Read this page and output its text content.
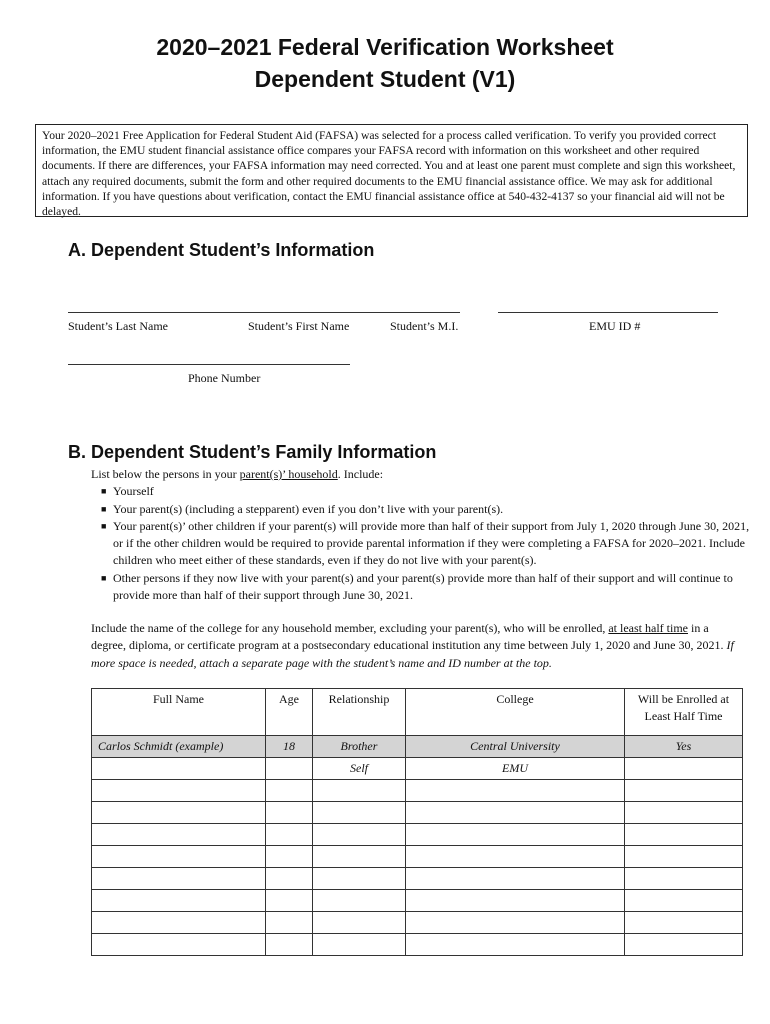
2020–2021 Federal Verification Worksheet
Dependent Student (V1)
Your 2020–2021 Free Application for Federal Student Aid (FAFSA) was selected for a process called verification. To verify you provided correct information, the EMU student financial assistance office compares your FAFSA record with information on this worksheet and other required documents. If there are differences, your FAFSA information may need corrected. You and at least one parent must complete and sign this worksheet, attach any required documents, submit the form and other required documents to the EMU financial assistance office. We may ask for additional information. If you have questions about verification, contact the EMU financial assistance office at 540-432-4137 so your financial aid will not be delayed.
A. Dependent Student’s Information
Student’s Last Name	Student’s First Name	Student’s M.I.	EMU ID #
Phone Number
B. Dependent Student’s Family Information
List below the persons in your parent(s)’ household. Include:
■ Yourself
■ Your parent(s) (including a stepparent) even if you don’t live with your parent(s).
■ Your parent(s)’ other children if your parent(s) will provide more than half of their support from July 1, 2020 through June 30, 2021, or if the other children would be required to provide parental information if they were completing a FAFSA for 2020–2021. Include children who meet either of these standards, even if they do not live with your parent(s).
■ Other persons if they now live with your parent(s) and your parent(s) provide more than half of their support and will continue to provide more than half of their support through June 30, 2021.
Include the name of the college for any household member, excluding your parent(s), who will be enrolled, at least half time in a degree, diploma, or certificate program at a postsecondary educational institution any time between July 1, 2020 and June 30, 2021. If more space is needed, attach a separate page with the student’s name and ID number at the top.
Full Name	Age	Relationship	College	Will be Enrolled at Least Half Time
Carlos Schmidt (example)	18	Brother	Central University	Yes
		Self	EMU	
